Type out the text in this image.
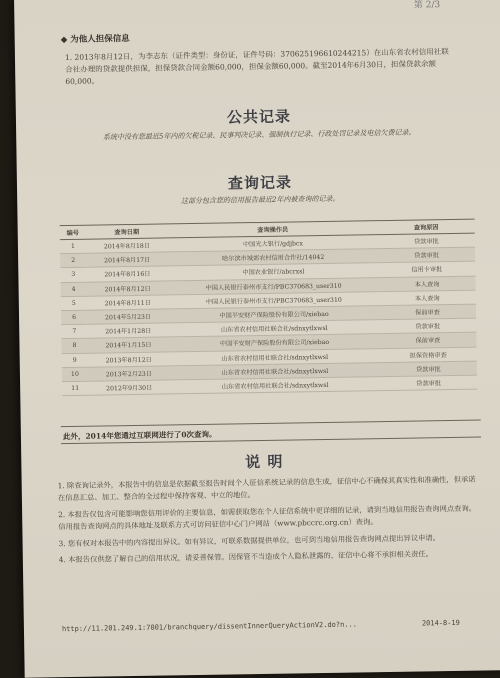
第 2/3
◆ 为他人担保信息
1. 2013年8月12日，为李志东（证件类型：身份证，证件号码：370625196610244215）在山东省农村信用社联合社办理的贷款提供担保，担保贷款合同金额60,000，担保金额60,000。截至2014年6月30日，担保贷款余额60,000。
公共记录
系统中没有您最近5年内的欠税记录、民事判决记录、强制执行记录、行政处罚记录及电信欠费记录。
查询记录
这部分包含您的信用报告最近2年内被查询的记录。
编号	查询日期	查询操作员	查询原因
1	2014年8月18日	中国光大银行/gdjbcx	贷款审批
2	2014年8月17日	哈尔滨市城郊农村信用合作社/14042	贷款审批
3	2014年8月16日	中国农业银行/abcrxsl	信用卡审批
4	2014年8月12日	中国人民银行泰州市支行/PBC370683_user310	本人查询
5	2014年8月11日	中国人民银行泰州市支行/PBC370683_user310	本人查询
6	2014年5月23日	中国平安财产保险股份有限公司/xiebao	保前审查
7	2014年1月28日	山东省农村信用社联合社/sdnxytlxwsl	贷款审批
8	2014年1月15日	中国平安财产保险股份有限公司/xiebao	保前审查
9	2013年8月12日	山东省农村信用社联合社/sdnxytlxwsl	担保资格审查
10	2013年2月23日	山东省农村信用社联合社/sdnxytlxwsl	贷款审批
11	2012年9月30日	山东省农村信用社联合社/sdnxytlxwsl	贷款审批
此外，2014年您通过互联网进行了0次查询。
说 明
1. 除查询记录外，本报告中的信息是依据截至报告时间个人征信系统记录的信息生成，征信中心不确保其真实性和准确性，但承诺在信息汇总、加工、整合的全过程中保持客观、中立的地位。
2. 本报告仅包含可能影响您信用评价的主要信息，如需获取您在个人征信系统中更详细的记录，请到当地信用报告查询网点查询。信用报告查询网点的具体地址及联系方式可访问征信中心门户网站（www.pbccrc.org.cn）查询。
3. 您有权对本报告中的内容提出异议。如有异议，可联系数据提供单位，也可到当地信用报告查询网点提出异议申请。
4. 本报告仅供您了解自己的信用状况，请妥善保管。因保管不当造成个人隐私泄露的，征信中心将不承担相关责任。
http://11.201.249.1:7001/branchquery/dissentInnerQueryActionV2.do?n...	2014-8-19
